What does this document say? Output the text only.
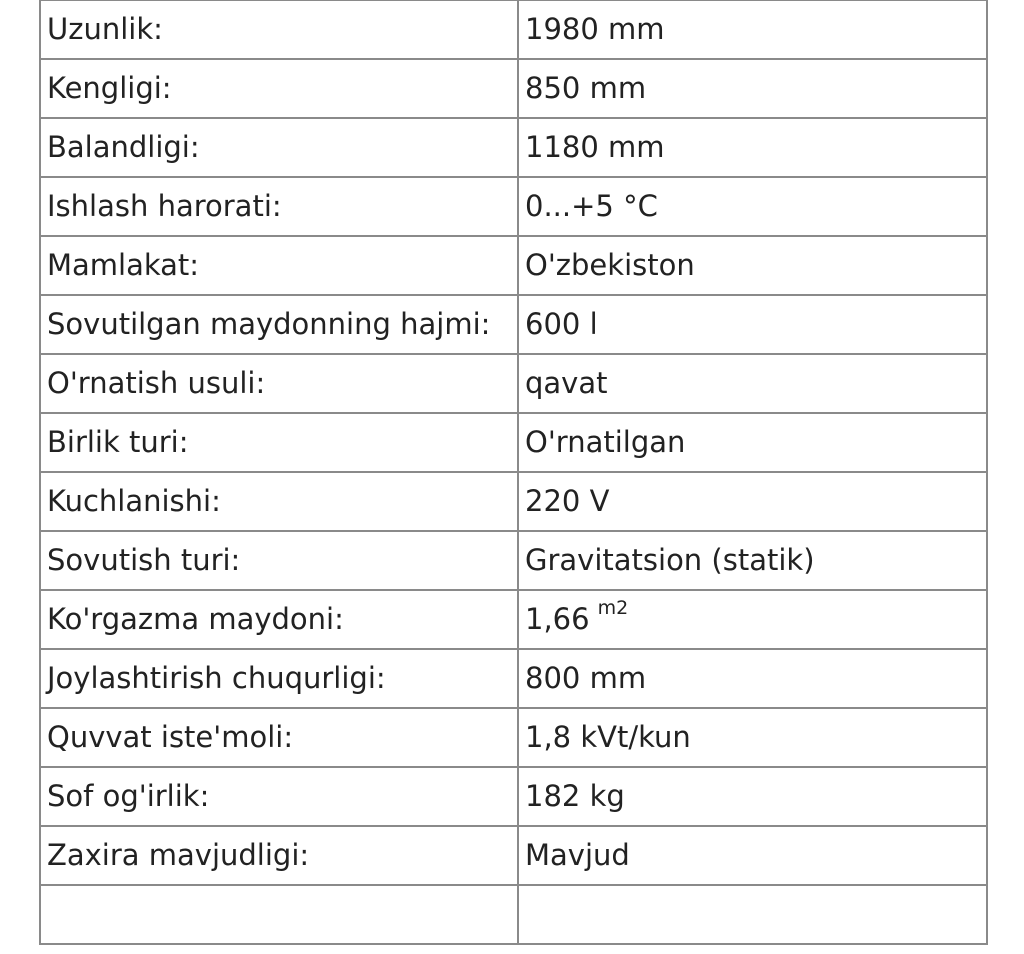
Uzunlik:	1980 mm
Kengligi:	850 mm
Balandligi:	1180 mm
Ishlash harorati:	0...+5 °C
Mamlakat:	O'zbekiston
Sovutilgan maydonning hajmi:	600 l
O'rnatish usuli:	qavat
Birlik turi:	O'rnatilgan
Kuchlanishi:	220 V
Sovutish turi:	Gravitatsion (statik)
Ko'rgazma maydoni:	1,66 $^{m2}$
Joylashtirish chuqurligi:	800 mm
Quvvat iste'moli:	1,8 kVt/kun
Sof og'irlik:	182 kg
Zaxira mavjudligi:	Mavjud
